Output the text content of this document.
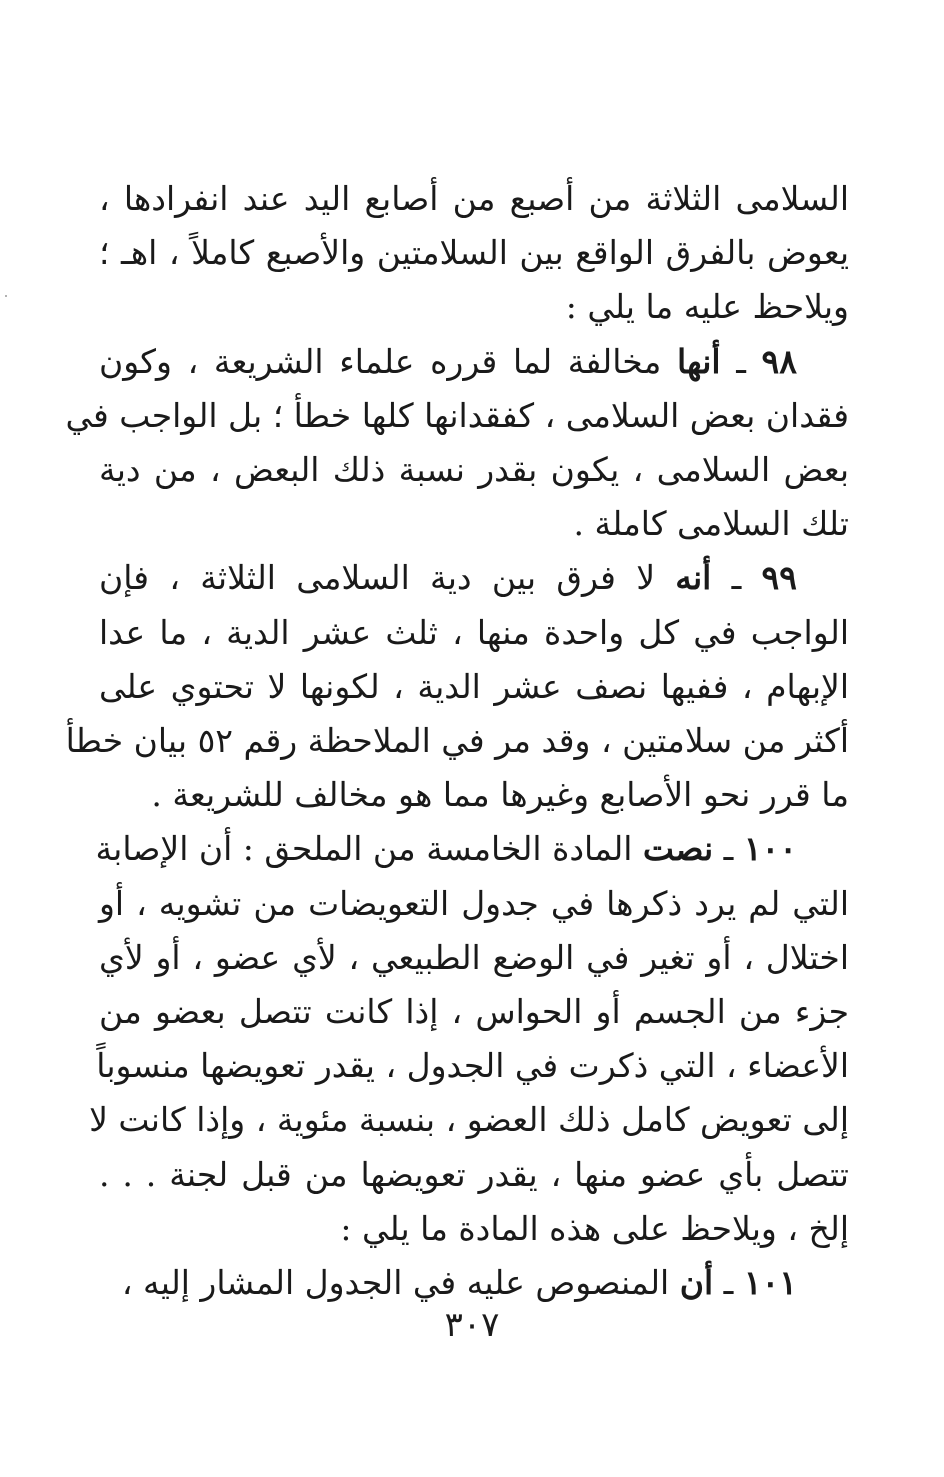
السلامى الثلاثة من أصبع من أصابع اليد عند انفرادها ،
يعوض بالفرق الواقع بين السلامتين والأصبع كاملاً ، اهـ ؛
ويلاحظ عليه ما يلي :
٩٨ ـ أنها مخالفة لما قرره علماء الشريعة ، وكون
فقدان بعض السلامى ، كفقدانها كلها خطأ ؛ بل الواجب في
بعض السلامى ، يكون بقدر نسبة ذلك البعض ، من دية
تلك السلامى كاملة .
٩٩ ـ أنه لا فرق بين دية السلامى الثلاثة ، فإن
الواجب في كل واحدة منها ، ثلث عشر الدية ، ما عدا
الإبهام ، ففيها نصف عشر الدية ، لكونها لا تحتوي على
أكثر من سلامتين ، وقد مر في الملاحظة رقم ٥٢ بيان خطأ
ما قرر نحو الأصابع وغيرها مما هو مخالف للشريعة .
١٠٠ ـ نصت المادة الخامسة من الملحق : أن الإصابة
التي لم يرد ذكرها في جدول التعويضات من تشويه ، أو
اختلال ، أو تغير في الوضع الطبيعي ، لأي عضو ، أو لأي
جزء من الجسم أو الحواس ، إذا كانت تتصل بعضو من
الأعضاء ، التي ذكرت في الجدول ، يقدر تعويضها منسوباً
إلى تعويض كامل ذلك العضو ، بنسبة مئوية ، وإذا كانت لا
تتصل بأي عضو منها ، يقدر تعويضها من قبل لجنة . . .
إلخ ، ويلاحظ على هذه المادة ما يلي :
١٠١ ـ أن المنصوص عليه في الجدول المشار إليه ،
٣٠٧
